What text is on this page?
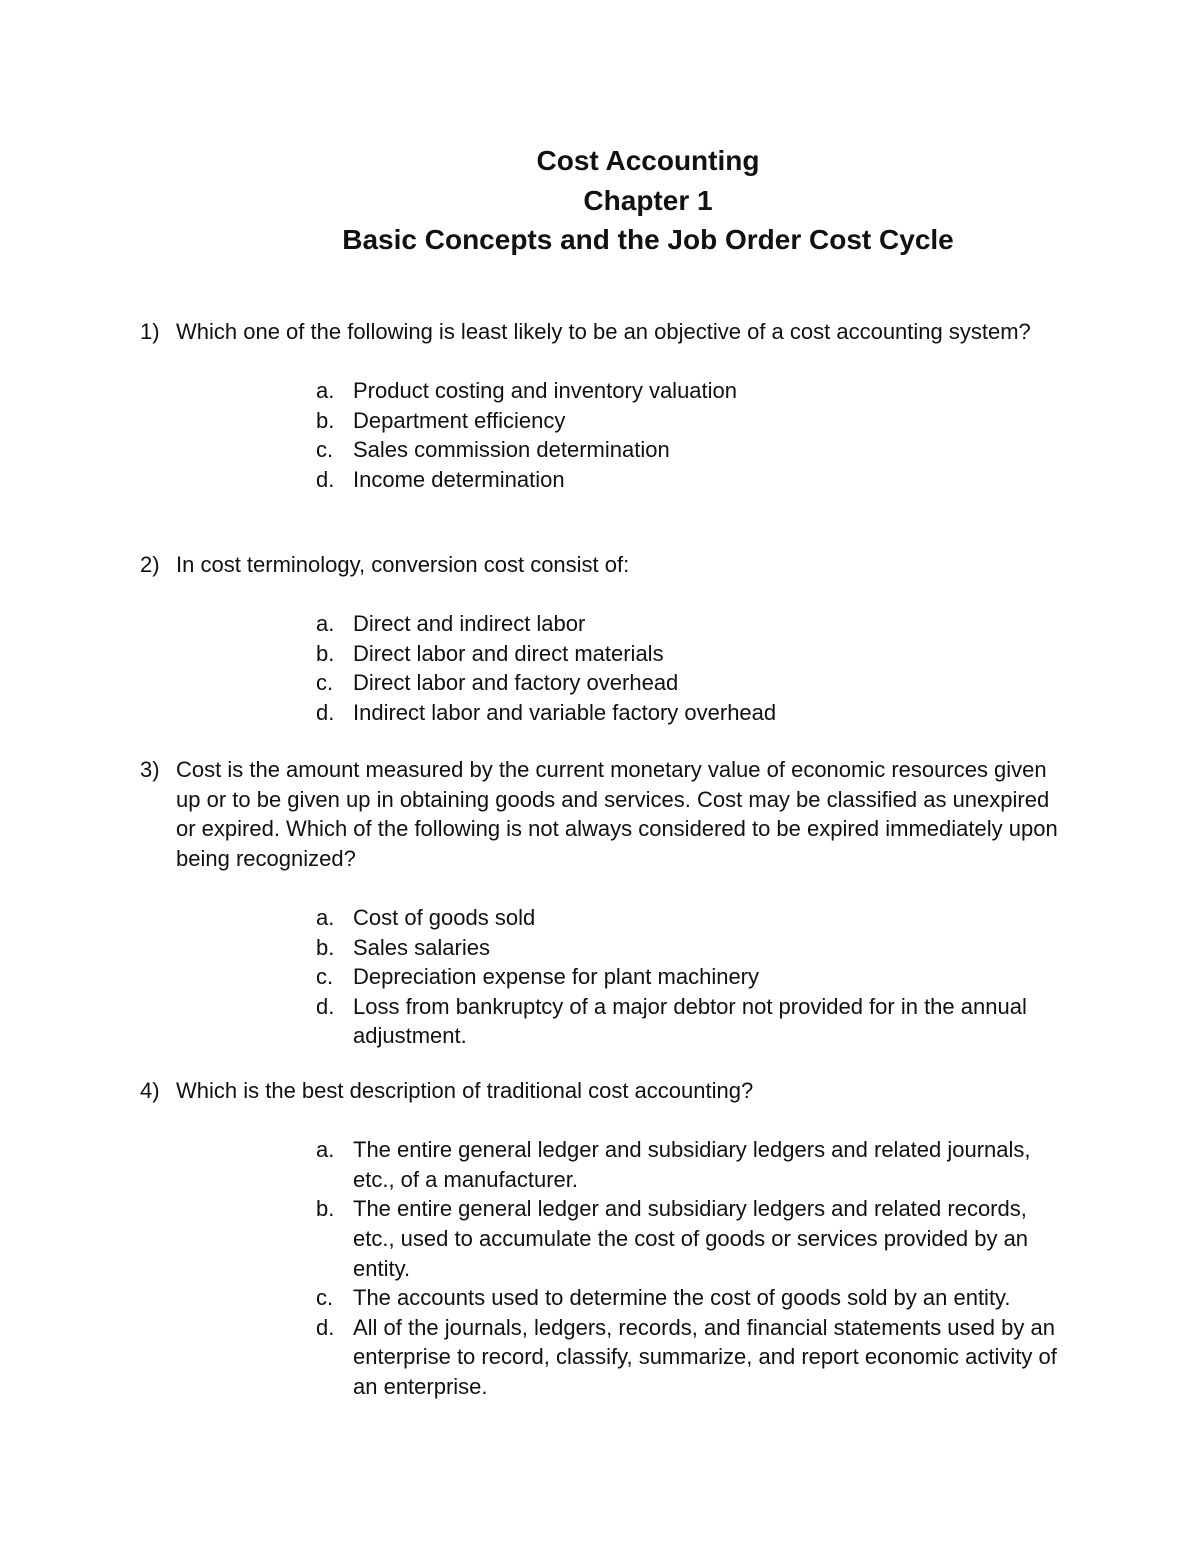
Cost Accounting
Chapter 1
Basic Concepts and the Job Order Cost Cycle
1) Which one of the following is least likely to be an objective of a cost accounting system?
a. Product costing and inventory valuation
b. Department efficiency
c. Sales commission determination
d. Income determination
2) In cost terminology, conversion cost consist of:
a. Direct and indirect labor
b. Direct labor and direct materials
c. Direct labor and factory overhead
d. Indirect labor and variable factory overhead
3) Cost is the amount measured by the current monetary value of economic resources given up or to be given up in obtaining goods and services. Cost may be classified as unexpired or expired. Which of the following is not always considered to be expired immediately upon being recognized?
a. Cost of goods sold
b. Sales salaries
c. Depreciation expense for plant machinery
d. Loss from bankruptcy of a major debtor not provided for in the annual adjustment.
4) Which is the best description of traditional cost accounting?
a. The entire general ledger and subsidiary ledgers and related journals, etc., of a manufacturer.
b. The entire general ledger and subsidiary ledgers and related records, etc., used to accumulate the cost of goods or services provided by an entity.
c. The accounts used to determine the cost of goods sold by an entity.
d. All of the journals, ledgers, records, and financial statements used by an enterprise to record, classify, summarize, and report economic activity of an enterprise.
